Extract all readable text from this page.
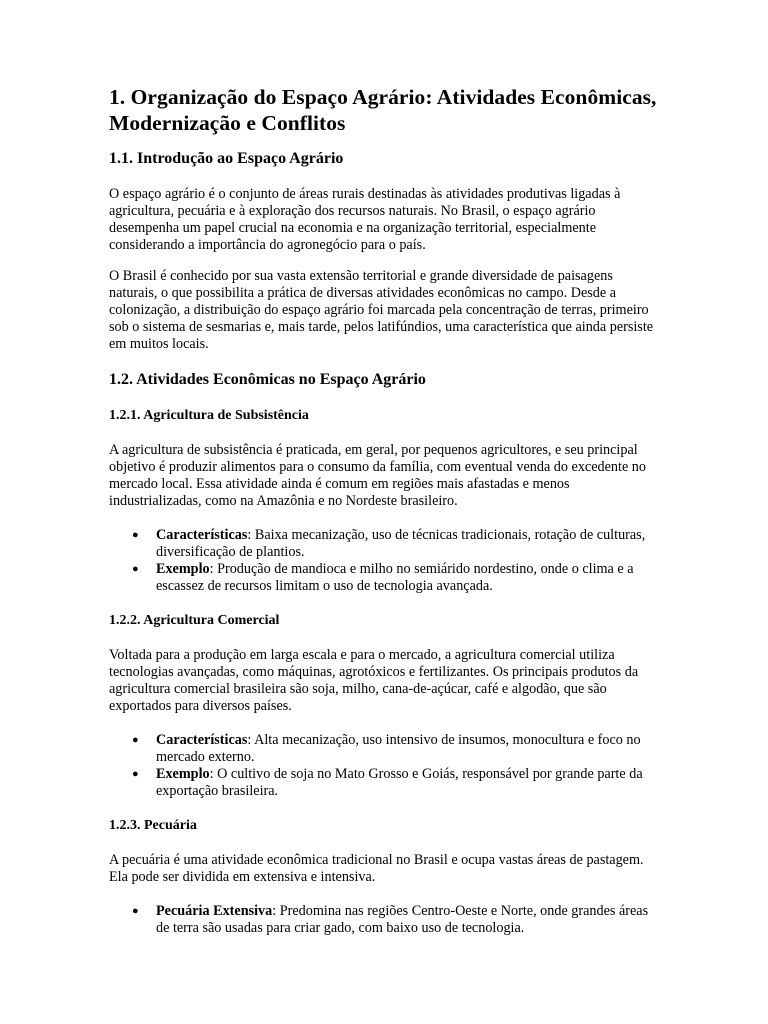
1. Organização do Espaço Agrário: Atividades Econômicas, Modernização e Conflitos
1.1. Introdução ao Espaço Agrário

O espaço agrário é o conjunto de áreas rurais destinadas às atividades produtivas ligadas à agricultura, pecuária e à exploração dos recursos naturais. No Brasil, o espaço agrário desempenha um papel crucial na economia e na organização territorial, especialmente considerando a importância do agronegócio para o país.

O Brasil é conhecido por sua vasta extensão territorial e grande diversidade de paisagens naturais, o que possibilita a prática de diversas atividades econômicas no campo. Desde a colonização, a distribuição do espaço agrário foi marcada pela concentração de terras, primeiro sob o sistema de sesmarias e, mais tarde, pelos latifúndios, uma característica que ainda persiste em muitos locais.

1.2. Atividades Econômicas no Espaço Agrário
1.2.1. Agricultura de Subsistência

A agricultura de subsistência é praticada, em geral, por pequenos agricultores, e seu principal objetivo é produzir alimentos para o consumo da família, com eventual venda do excedente no mercado local. Essa atividade ainda é comum em regiões mais afastadas e menos industrializadas, como na Amazônia e no Nordeste brasileiro.

● Características: Baixa mecanização, uso de técnicas tradicionais, rotação de culturas, diversificação de plantios.
● Exemplo: Produção de mandioca e milho no semiárido nordestino, onde o clima e a escassez de recursos limitam o uso de tecnologia avançada.
1.2.2. Agricultura Comercial

Voltada para a produção em larga escala e para o mercado, a agricultura comercial utiliza tecnologias avançadas, como máquinas, agrotóxicos e fertilizantes. Os principais produtos da agricultura comercial brasileira são soja, milho, cana-de-açúcar, café e algodão, que são exportados para diversos países.

● Características: Alta mecanização, uso intensivo de insumos, monocultura e foco no mercado externo.
● Exemplo: O cultivo de soja no Mato Grosso e Goiás, responsável por grande parte da exportação brasileira.
1.2.3. Pecuária

A pecuária é uma atividade econômica tradicional no Brasil e ocupa vastas áreas de pastagem. Ela pode ser dividida em extensiva e intensiva.

● Pecuária Extensiva: Predomina nas regiões Centro-Oeste e Norte, onde grandes áreas de terra são usadas para criar gado, com baixo uso de tecnologia.
